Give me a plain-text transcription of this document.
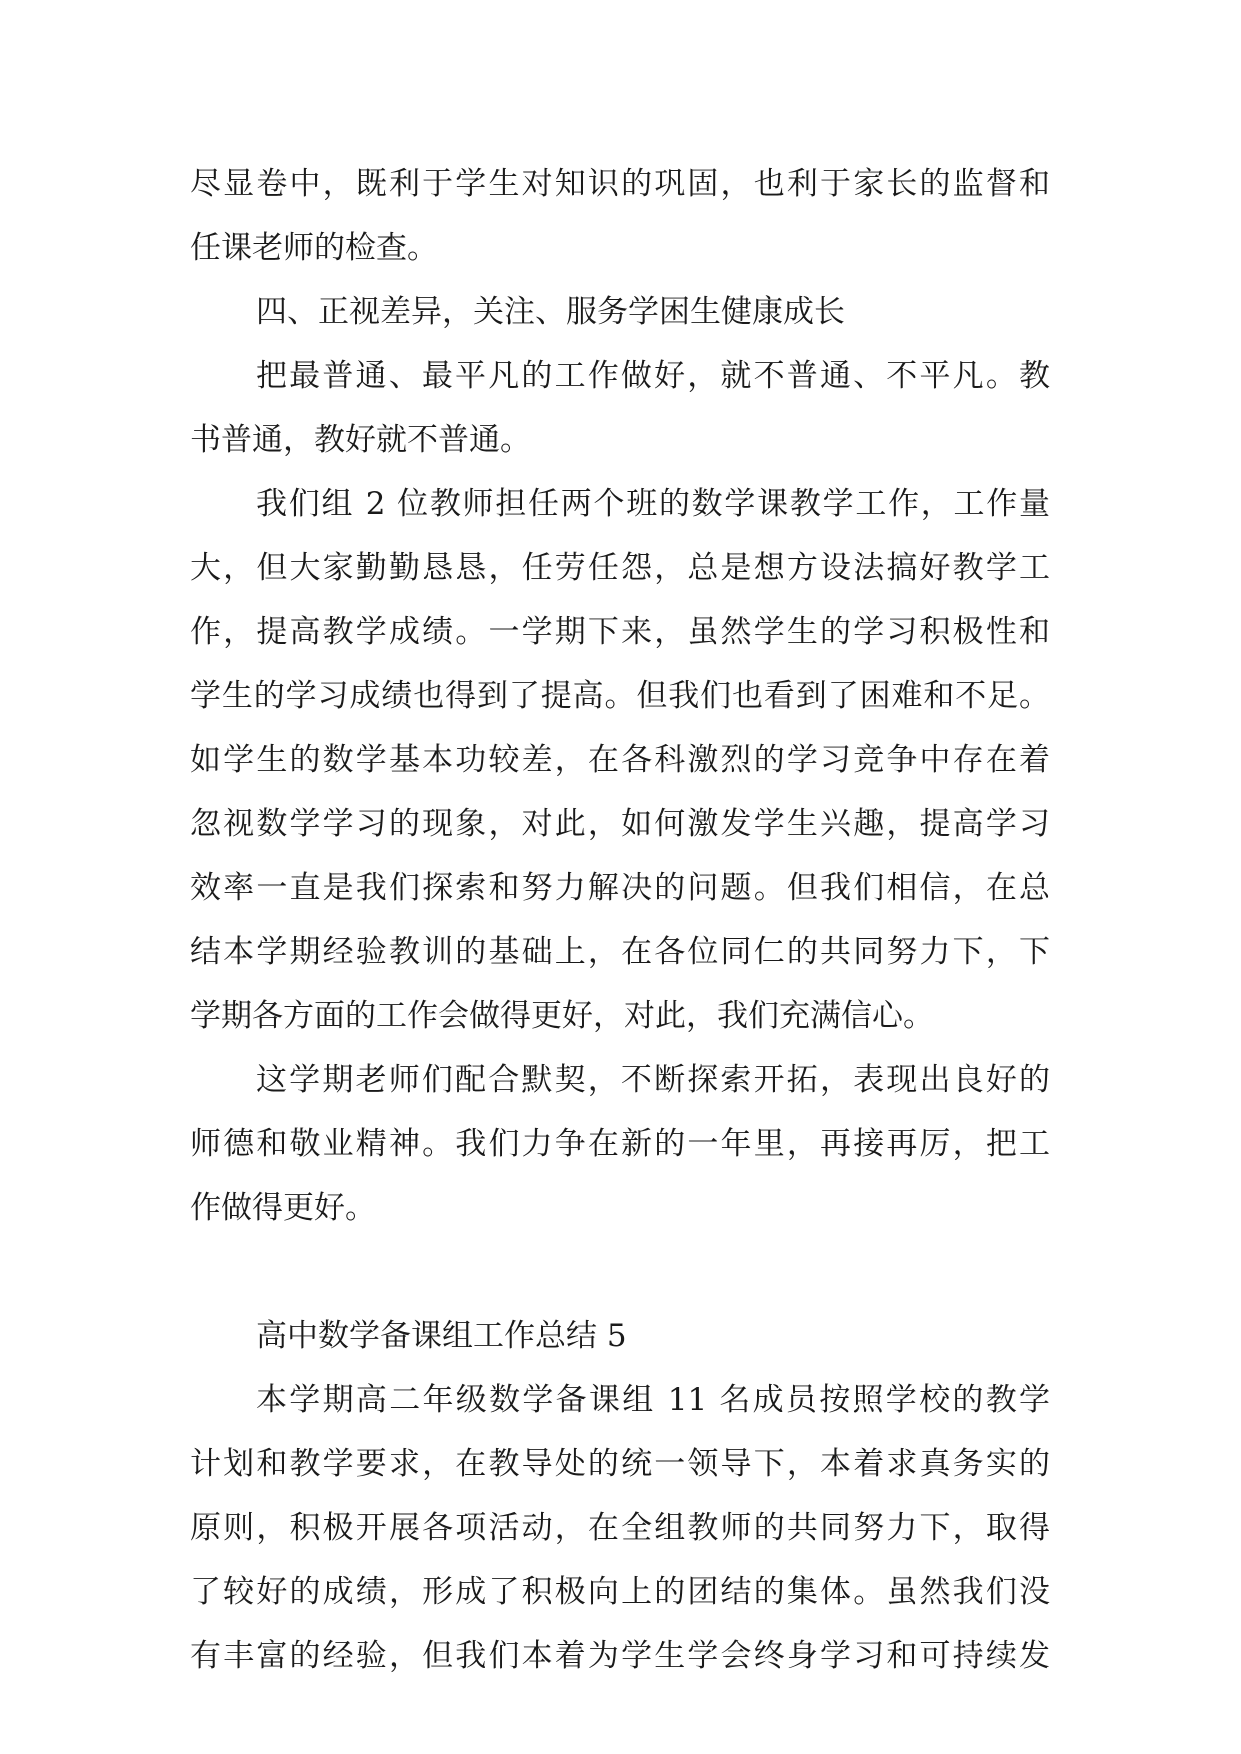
尽显卷中，既利于学生对知识的巩固，也利于家长的监督和
任课老师的检查。
四、正视差异，关注、服务学困生健康成长
把最普通、最平凡的工作做好，就不普通、不平凡。教
书普通，教好就不普通。
我们组 2 位教师担任两个班的数学课教学工作，工作量
大，但大家勤勤恳恳，任劳任怨，总是想方设法搞好教学工
作，提高教学成绩。一学期下来，虽然学生的学习积极性和
学生的学习成绩也得到了提高。但我们也看到了困难和不足。
如学生的数学基本功较差，在各科激烈的学习竞争中存在着
忽视数学学习的现象，对此，如何激发学生兴趣，提高学习
效率一直是我们探索和努力解决的问题。但我们相信，在总
结本学期经验教训的基础上，在各位同仁的共同努力下，下
学期各方面的工作会做得更好，对此，我们充满信心。
这学期老师们配合默契，不断探索开拓，表现出良好的
师德和敬业精神。我们力争在新的一年里，再接再厉，把工
作做得更好。
高中数学备课组工作总结 5
本学期高二年级数学备课组 11 名成员按照学校的教学
计划和教学要求，在教导处的统一领导下，本着求真务实的
原则，积极开展各项活动，在全组教师的共同努力下，取得
了较好的成绩，形成了积极向上的团结的集体。虽然我们没
有丰富的经验，但我们本着为学生学会终身学习和可持续发
